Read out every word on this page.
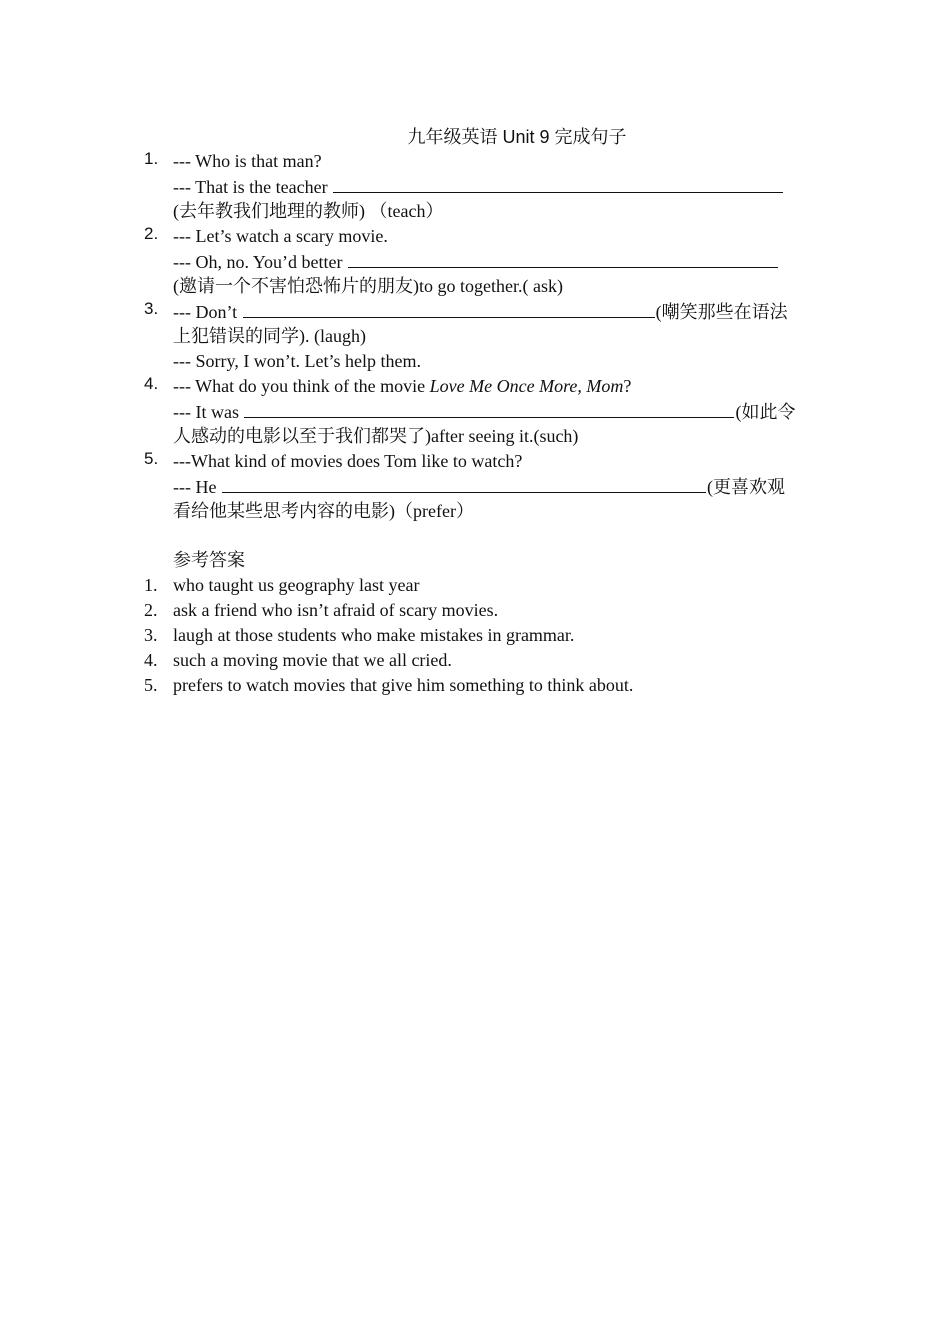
九年级英语 Unit 9 完成句子
1. --- Who is that man?
--- That is the teacher
(去年教我们地理的教师) （teach）
2. --- Let’s watch a scary movie.
--- Oh, no. You’d better
(邀请一个不害怕恐怖片的朋友)to go together.( ask)
3. --- Don’t	(嘲笑那些在语法
上犯错误的同学). (laugh)
--- Sorry, I won’t. Let’s help them.
4. --- What do you think of the movie Love Me Once More, Mom?
--- It was	(如此令
人感动的电影以至于我们都哭了)after seeing it.(such)
5. ---What kind of movies does Tom like to watch?
--- He	(更喜欢观
看给他某些思考内容的电影)（prefer）
参考答案
1. who taught us geography last year
2. ask a friend who isn’t afraid of scary movies.
3. laugh at those students who make mistakes in grammar.
4. such a moving movie that we all cried.
5. prefers to watch movies that give him something to think about.
